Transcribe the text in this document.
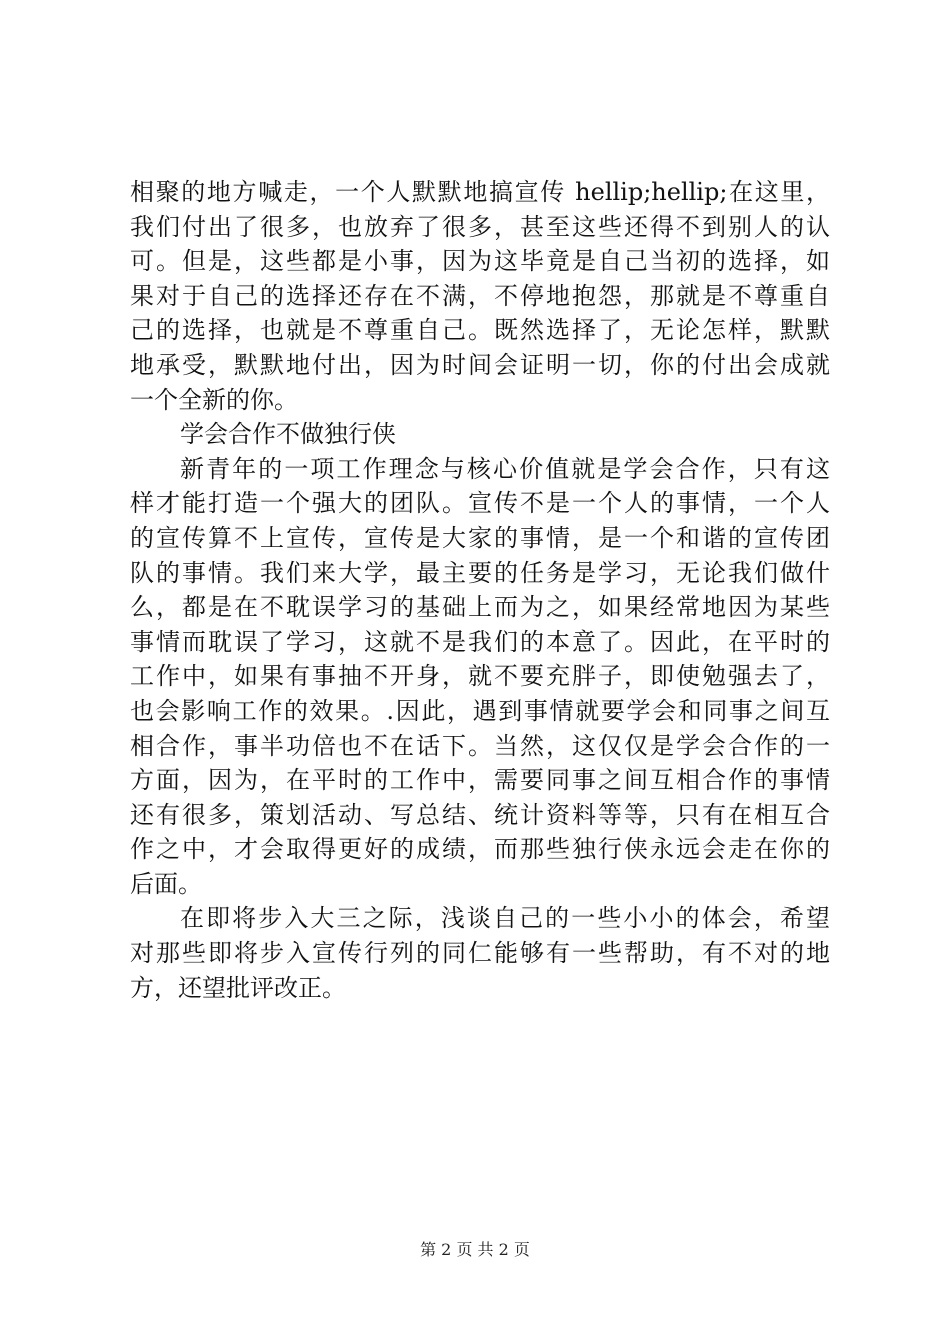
相聚的地方喊走，一个人默默地搞宣传 hellip;hellip;在这里，
我们付出了很多，也放弃了很多，甚至这些还得不到别人的认
可。但是，这些都是小事，因为这毕竟是自己当初的选择，如
果对于自己的选择还存在不满，不停地抱怨，那就是不尊重自
己的选择，也就是不尊重自己。既然选择了，无论怎样，默默
地承受，默默地付出，因为时间会证明一切，你的付出会成就
一个全新的你。
学会合作不做独行侠
新青年的一项工作理念与核心价值就是学会合作，只有这
样才能打造一个强大的团队。宣传不是一个人的事情，一个人
的宣传算不上宣传，宣传是大家的事情，是一个和谐的宣传团
队的事情。我们来大学，最主要的任务是学习，无论我们做什
么，都是在不耽误学习的基础上而为之，如果经常地因为某些
事情而耽误了学习，这就不是我们的本意了。因此，在平时的
工作中，如果有事抽不开身，就不要充胖子，即使勉强去了，
也会影响工作的效果。.因此，遇到事情就要学会和同事之间互
相合作，事半功倍也不在话下。当然，这仅仅是学会合作的一
方面，因为，在平时的工作中，需要同事之间互相合作的事情
还有很多，策划活动、写总结、统计资料等等，只有在相互合
作之中，才会取得更好的成绩，而那些独行侠永远会走在你的
后面。
在即将步入大三之际，浅谈自己的一些小小的体会，希望
对那些即将步入宣传行列的同仁能够有一些帮助，有不对的地
方，还望批评改正。
第 2 页 共 2 页
